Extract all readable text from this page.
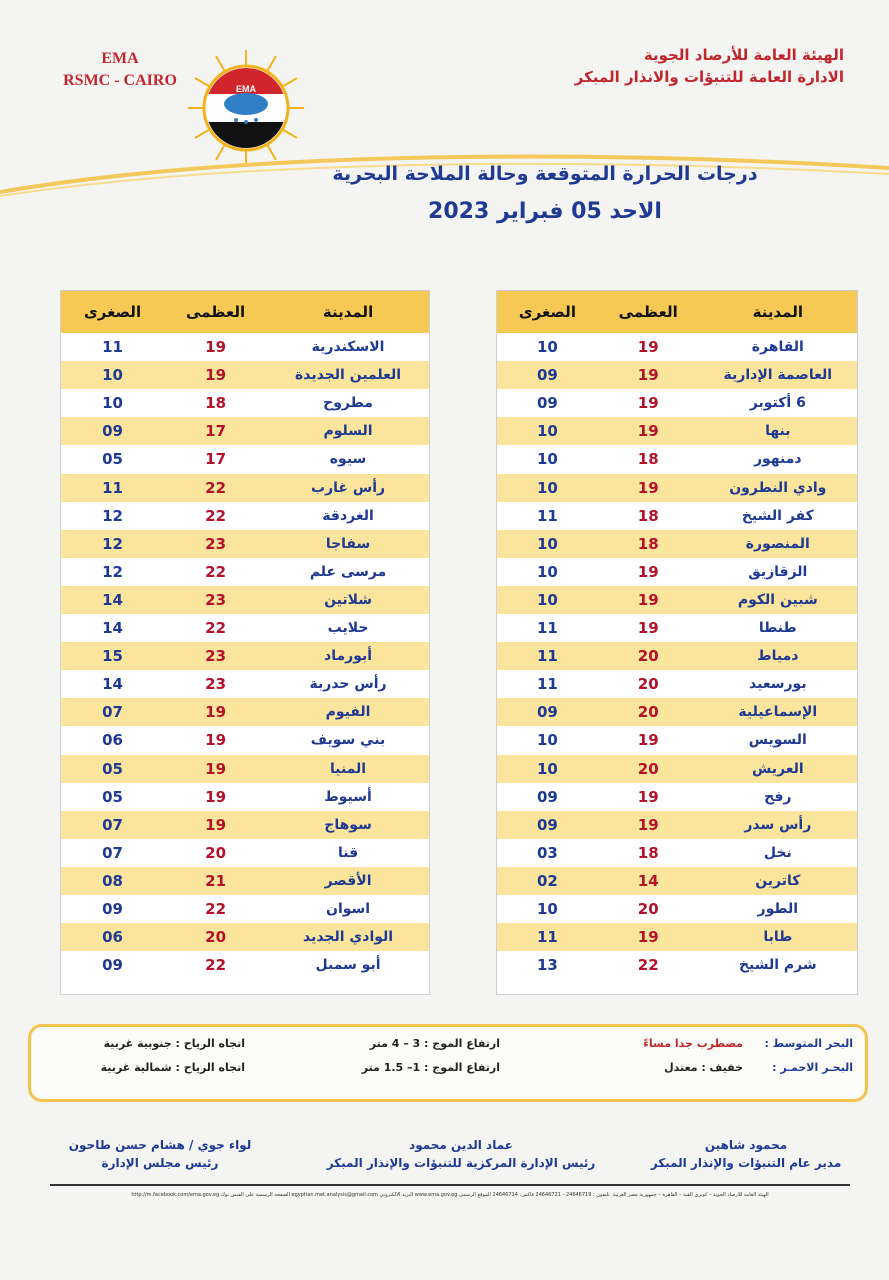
EMA
RSMC - CAIRO	EMA
الهيئة العامة للأرصاد الجوية
الادارة العامة للتنبؤات والانذار المبكر
درجات الحرارة المتوقعة وحالة الملاحة البحرية
الاحد 05 فبراير 2023
المدينة
العظمى
الصغرى
القاهرة
19
10
العاصمة الإدارية
19
09
6 أكتوبر
19
09
بنها
19
10
دمنهور
18
10
وادي النطرون
19
10
كفر الشيخ
18
11
المنصورة
18
10
الزقازيق
19
10
شبين الكوم
19
10
طنطا
19
11
دمياط
20
11
بورسعيد
20
11
الإسماعيلية
20
09
السويس
19
10
العريش
20
10
رفح
19
09
رأس سدر
19
09
نخل
18
03
كاترين
14
02
الطور
20
10
طابا
19
11
شرم الشيخ
22
13
المدينة
العظمى
الصغرى
الاسكندرية
19
11
العلمين الجديدة
19
10
مطروح
18
10
السلوم
17
09
سيوه
17
05
رأس غارب
22
11
الغردقة
22
12
سفاجا
23
12
مرسى علم
22
12
شلاتين
23
14
حلايب
22
14
أبورماد
23
15
رأس حدربة
23
14
الفيوم
19
07
بني سويف
19
06
المنيا
19
05
أسيوط
19
05
سوهاج
19
07
قنا
20
07
الأقصر
21
08
اسوان
22
09
الوادي الجديد
20
06
أبو سمبل
22
09
البحر المتوسط :
مضطرب جدا مساءً
ارتفاع الموج : 3 – 4 متر
اتجاه الرياح : جنوبية غربية
البحـر الاحمـر :
خفيف : معتدل
ارتفاع الموج : 1– 1.5 متر
اتجاه الرياح : شمالية غربية
محمود شاهين
مدير عام التنبؤات والإنذار المبكر
عماد الدين محمود
رئيس الإدارة المركزية للتنبؤات والإنذار المبكر
لواء جوي / هشام حسن طاحون
رئيس مجلس الإدارة
الهيئة العامة للأرصاد الجوية – كوبري القبة – القاهرة – جمهورية مصر العربية. تليفون : 24646719 - 24646721 فاكس: 24646714 الموقع الرسمي www.ema.gov.eg البريد الالكتروني egyptian.met.analysis@gmail.com الصفحة الرسمية على الفيس بوك http://m.facebook.com/ema.gov.eg
